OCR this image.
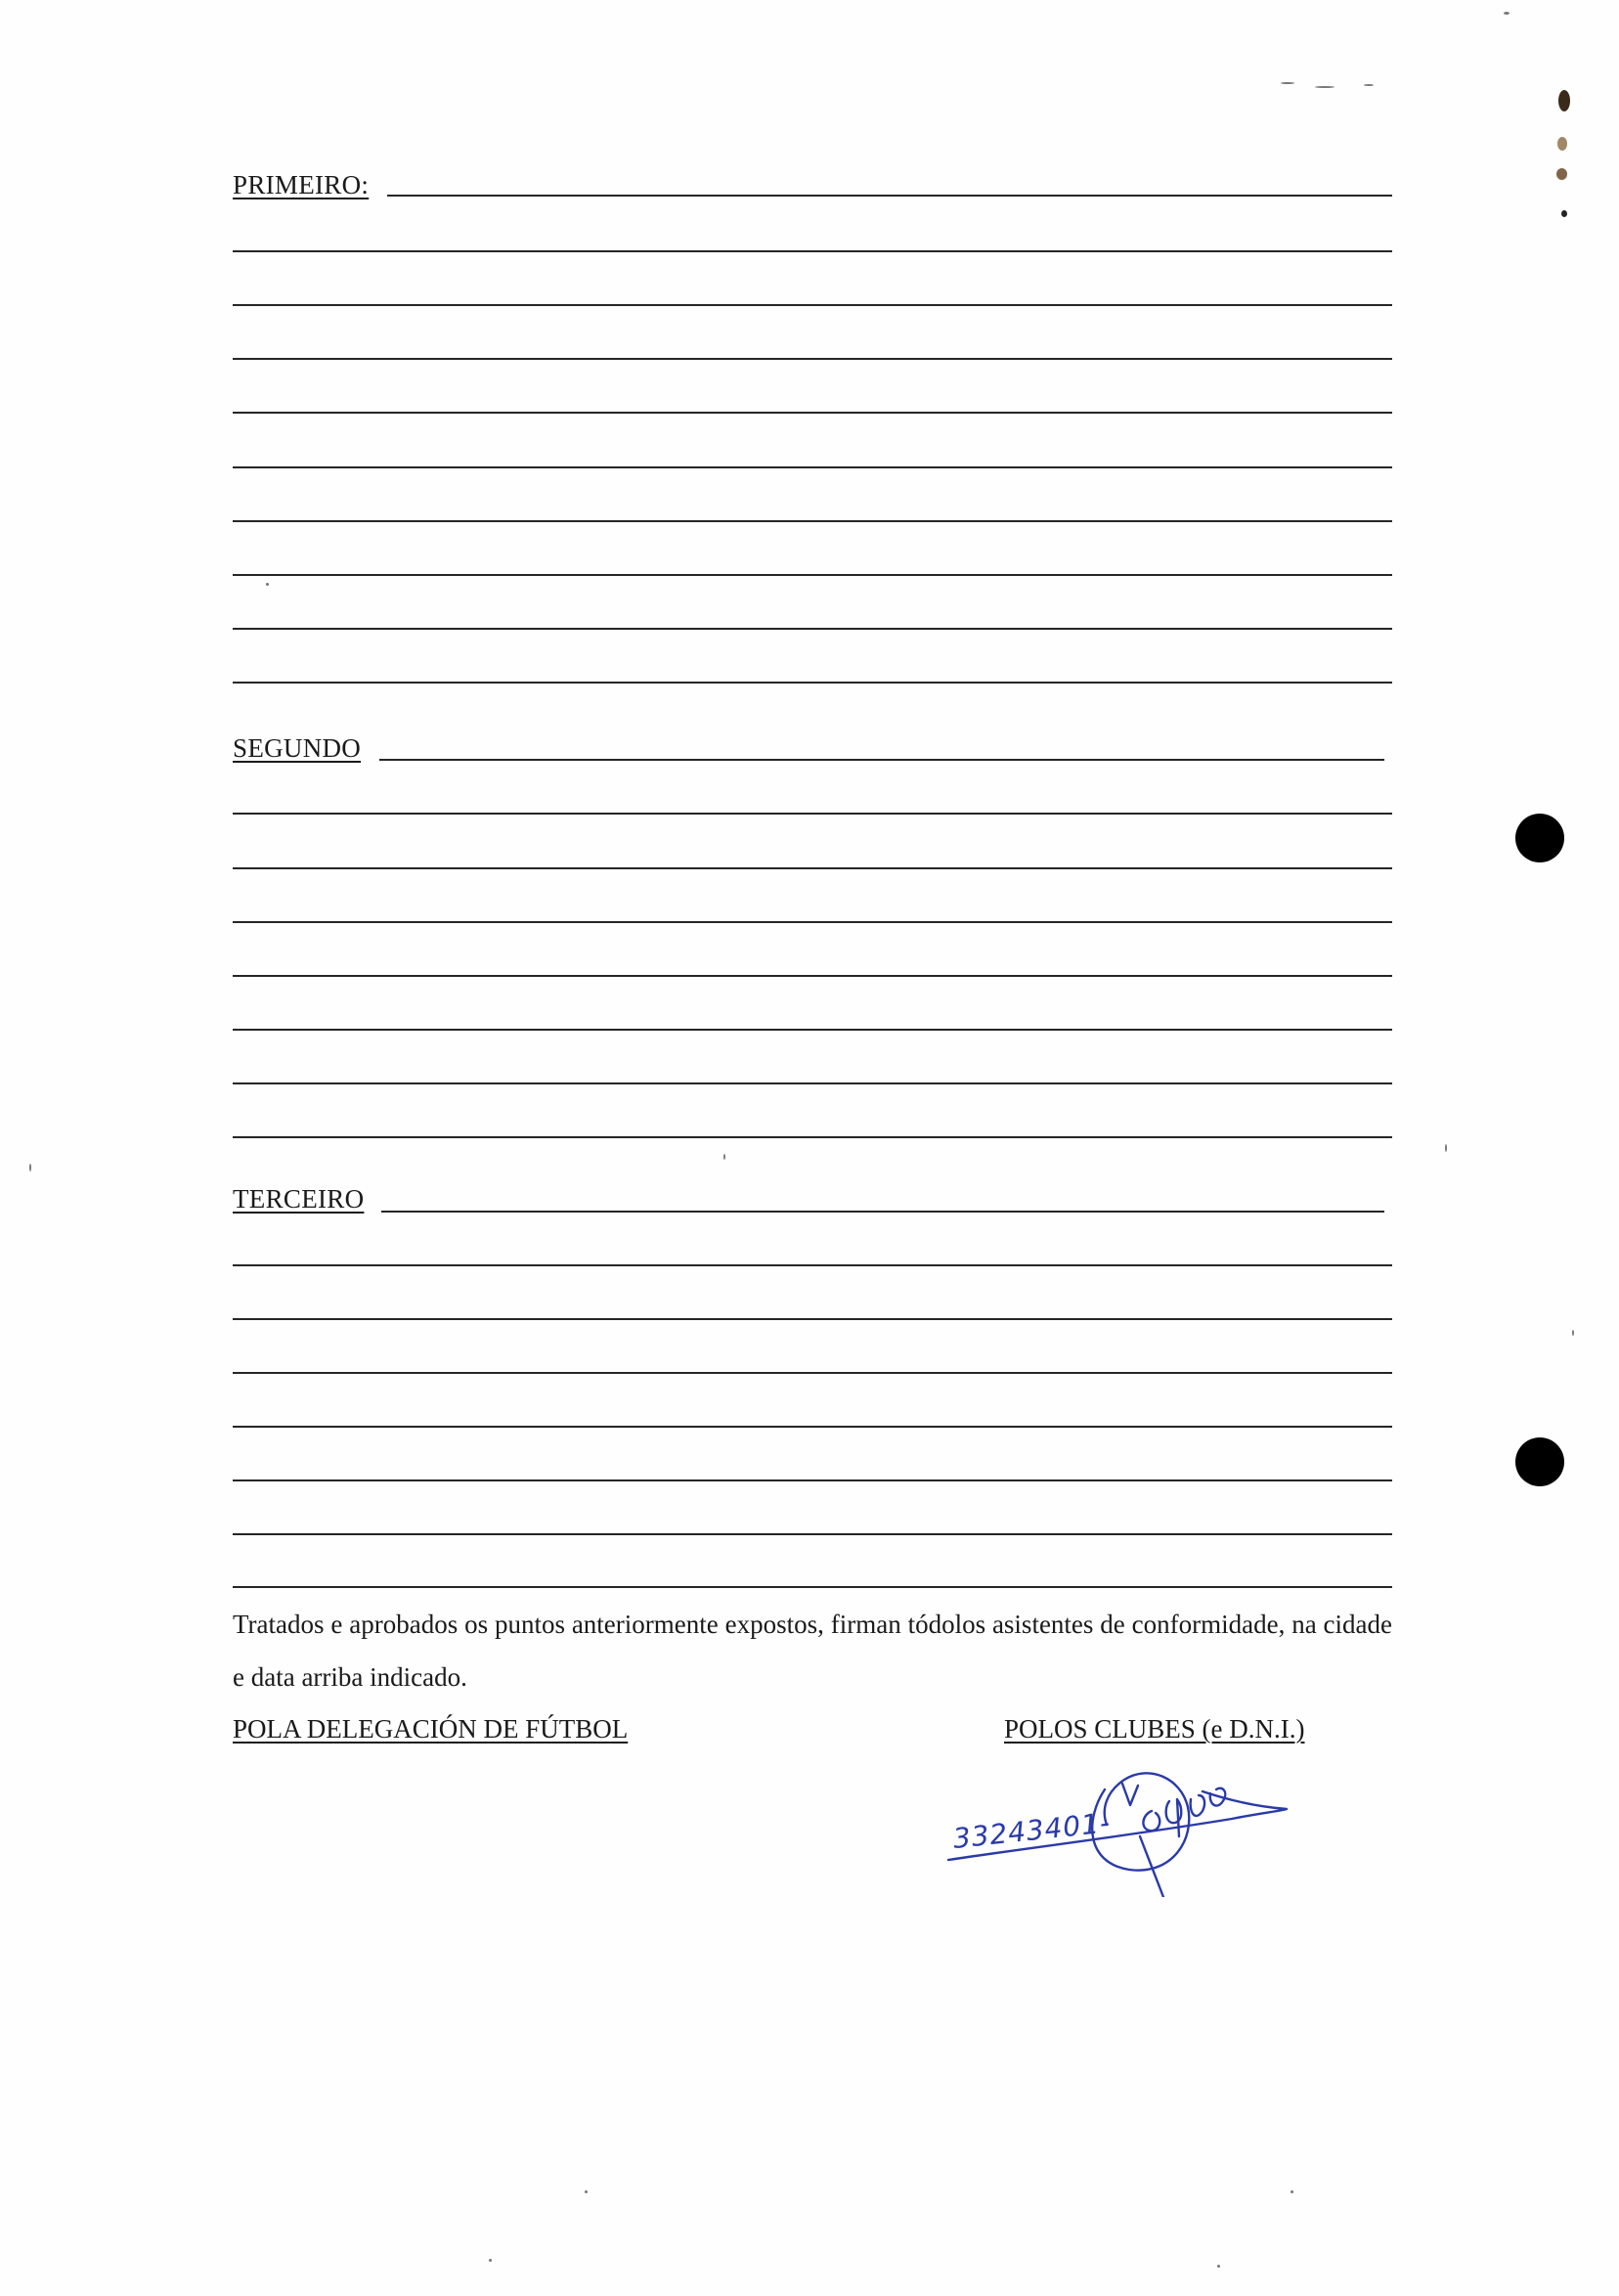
PRIMEIRO:
SEGUNDO
TERCEIRO
Tratados e aprobados os puntos anteriormente expostos, firman tódolos asistentes de conformidade, na cidade e data arriba indicado.
POLA DELEGACIÓN DE FÚTBOL	POLOS CLUBES (e D.N.I.)
33243401-
